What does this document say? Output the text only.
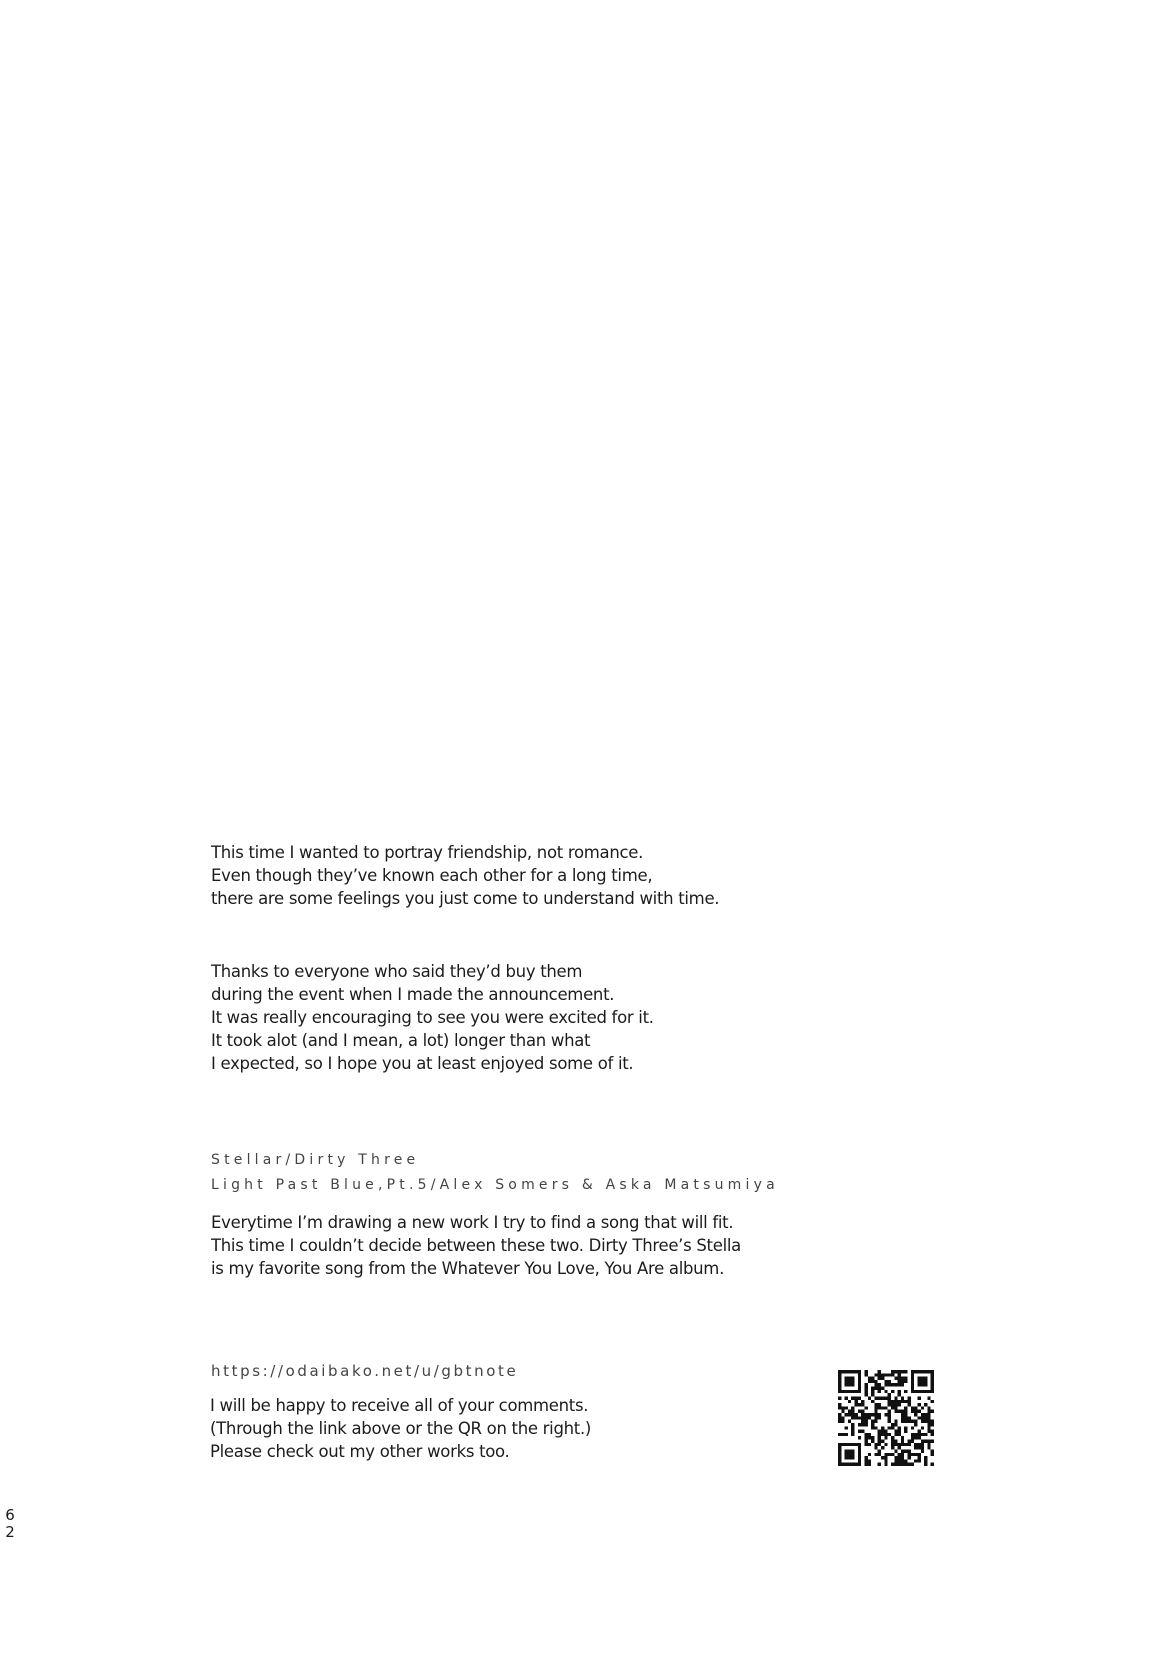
This time I wanted to portray friendship, not romance.
Even though they’ve known each other for a long time,
there are some feelings you just come to understand with time.
Thanks to everyone who said they’d buy them
during the event when I made the announcement.
It was really encouraging to see you were excited for it.
It took alot (and I mean, a lot) longer than what
I expected, so I hope you at least enjoyed some of it.
Stellar/Dirty Three
Light Past Blue,Pt.5/Alex Somers & Aska Matsumiya
Everytime I’m drawing a new work I try to find a song that will fit.
This time I couldn’t decide between these two. Dirty Three’s Stella
is my favorite song from the Whatever You Love, You Are album.
https://odaibako.net/u/gbtnote
I will be happy to receive all of your comments.
(Through the link above or the QR on the right.)
Please check out my other works too.
6
2
